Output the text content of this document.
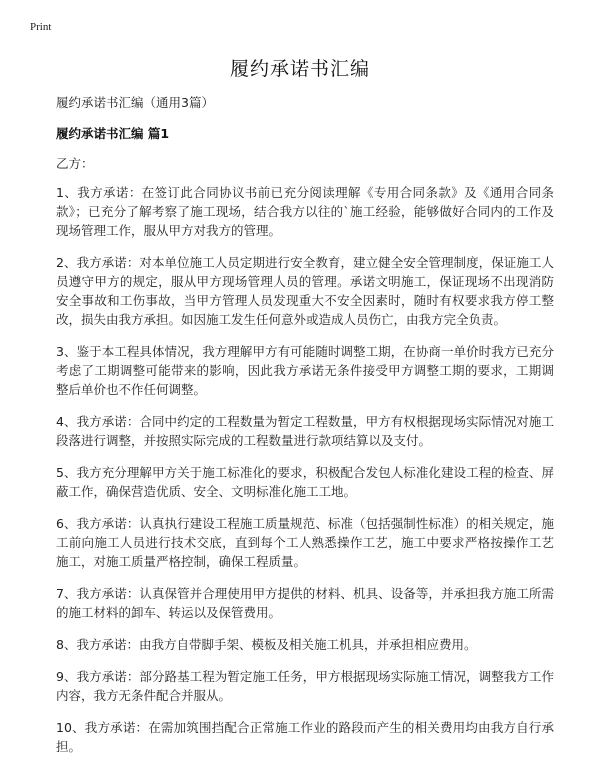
Print
履约承诺书汇编
履约承诺书汇编（通用3篇）
履约承诺书汇编 篇1
乙方：

1、我方承诺：在签订此合同协议书前已充分阅读理解《专用合同条款》及《通用合同条款》；已充分了解考察了施工现场，结合我方以往的`施工经验，能够做好合同内的工作及现场管理工作，服从甲方对我方的管理。

2、我方承诺：对本单位施工人员定期进行安全教育，建立健全安全管理制度，保证施工人员遵守甲方的规定，服从甲方现场管理人员的管理。承诺文明施工，保证现场不出现消防安全事故和工伤事故，当甲方管理人员发现重大不安全因素时，随时有权要求我方停工整改，损失由我方承担。如因施工发生任何意外或造成人员伤亡，由我方完全负责。

3、鉴于本工程具体情况，我方理解甲方有可能随时调整工期，在协商一单价时我方已充分考虑了工期调整可能带来的影响，因此我方承诺无条件接受甲方调整工期的要求，工期调整后单价也不作任何调整。

4、我方承诺：合同中约定的工程数量为暂定工程数量，甲方有权根据现场实际情况对施工段落进行调整，并按照实际完成的工程数量进行款项结算以及支付。

5、我方充分理解甲方关于施工标准化的要求，积极配合发包人标准化建设工程的检查、屏蔽工作，确保营造优质、安全、文明标准化施工工地。

6、我方承诺：认真执行建设工程施工质量规范、标准（包括强制性标准）的相关规定，施工前向施工人员进行技术交底，直到每个工人熟悉操作工艺，施工中要求严格按操作工艺施工，对施工质量严格控制，确保工程质量。

7、我方承诺：认真保管并合理使用甲方提供的材料、机具、设备等，并承担我方施工所需的施工材料的卸车、转运以及保管费用。

8、我方承诺：由我方自带脚手架、模板及相关施工机具，并承担相应费用。

9、我方承诺：部分路基工程为暂定施工任务，甲方根据现场实际施工情况，调整我方工作内容，我方无条件配合并服从。

10、我方承诺：在需加筑围挡配合正常施工作业的路段而产生的相关费用均由我方自行承担。
